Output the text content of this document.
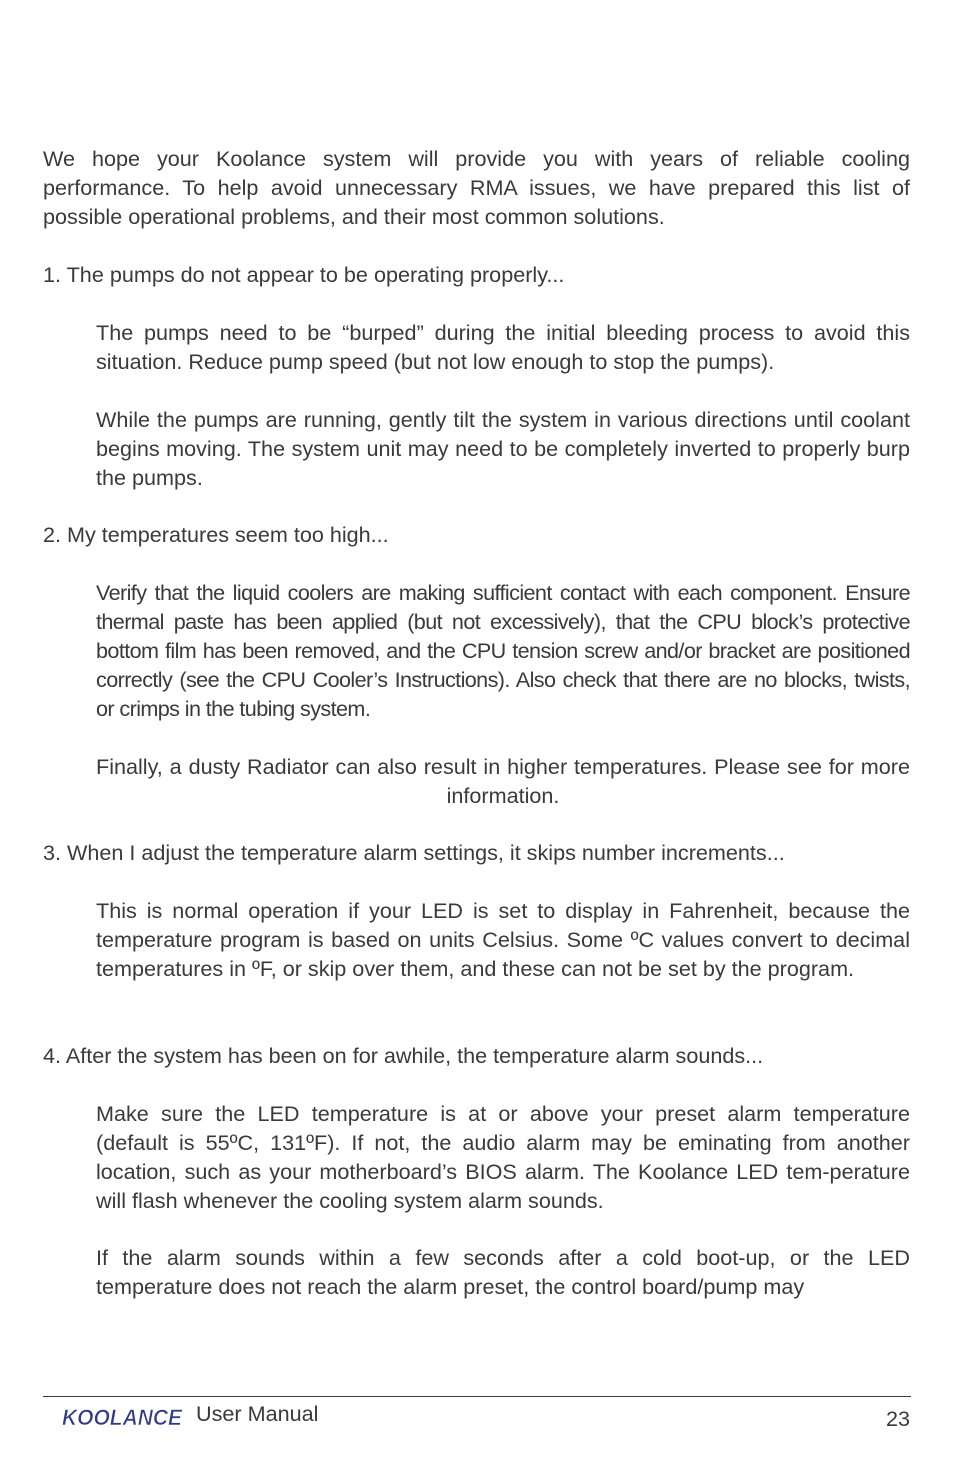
We hope your Koolance system will provide you with years of reliable cooling performance. To help avoid unnecessary RMA issues, we have prepared this list of possible operational problems, and their most common solutions.

1. The pumps do not appear to be operating properly...

The pumps need to be “burped” during the initial bleeding process to avoid this situation. Reduce pump speed (but not low enough to stop the pumps).

While the pumps are running, gently tilt the system in various directions until coolant begins moving. The system unit may need to be completely inverted to properly burp the pumps.

2. My temperatures seem too high...

Verify that the liquid coolers are making sufficient contact with each component. Ensure thermal paste has been applied (but not excessively), that the CPU block’s protective bottom film has been removed, and the CPU tension screw and/or bracket are positioned correctly (see the CPU Cooler’s Instructions). Also check that there are no blocks, twists, or crimps in the tubing system.

Finally, a dusty Radiator can also result in higher temperatures. Please see for more information.

3. When I adjust the temperature alarm settings, it skips number increments...

This is normal operation if your LED is set to display in Fahrenheit, because the temperature program is based on units Celsius. Some ºC values convert to decimal temperatures in ºF, or skip over them, and these can not be set by the program.

4. After the system has been on for awhile, the temperature alarm sounds...

Make sure the LED temperature is at or above your preset alarm temperature (default is 55ºC, 131ºF). If not, the audio alarm may be eminating from another location, such as your motherboard’s BIOS alarm. The Koolance LED tem-perature will flash whenever the cooling system alarm sounds.

If the alarm sounds within a few seconds after a cold boot-up, or the LED temperature does not reach the alarm preset, the control board/pump may

KOOLANCE User Manual	23
